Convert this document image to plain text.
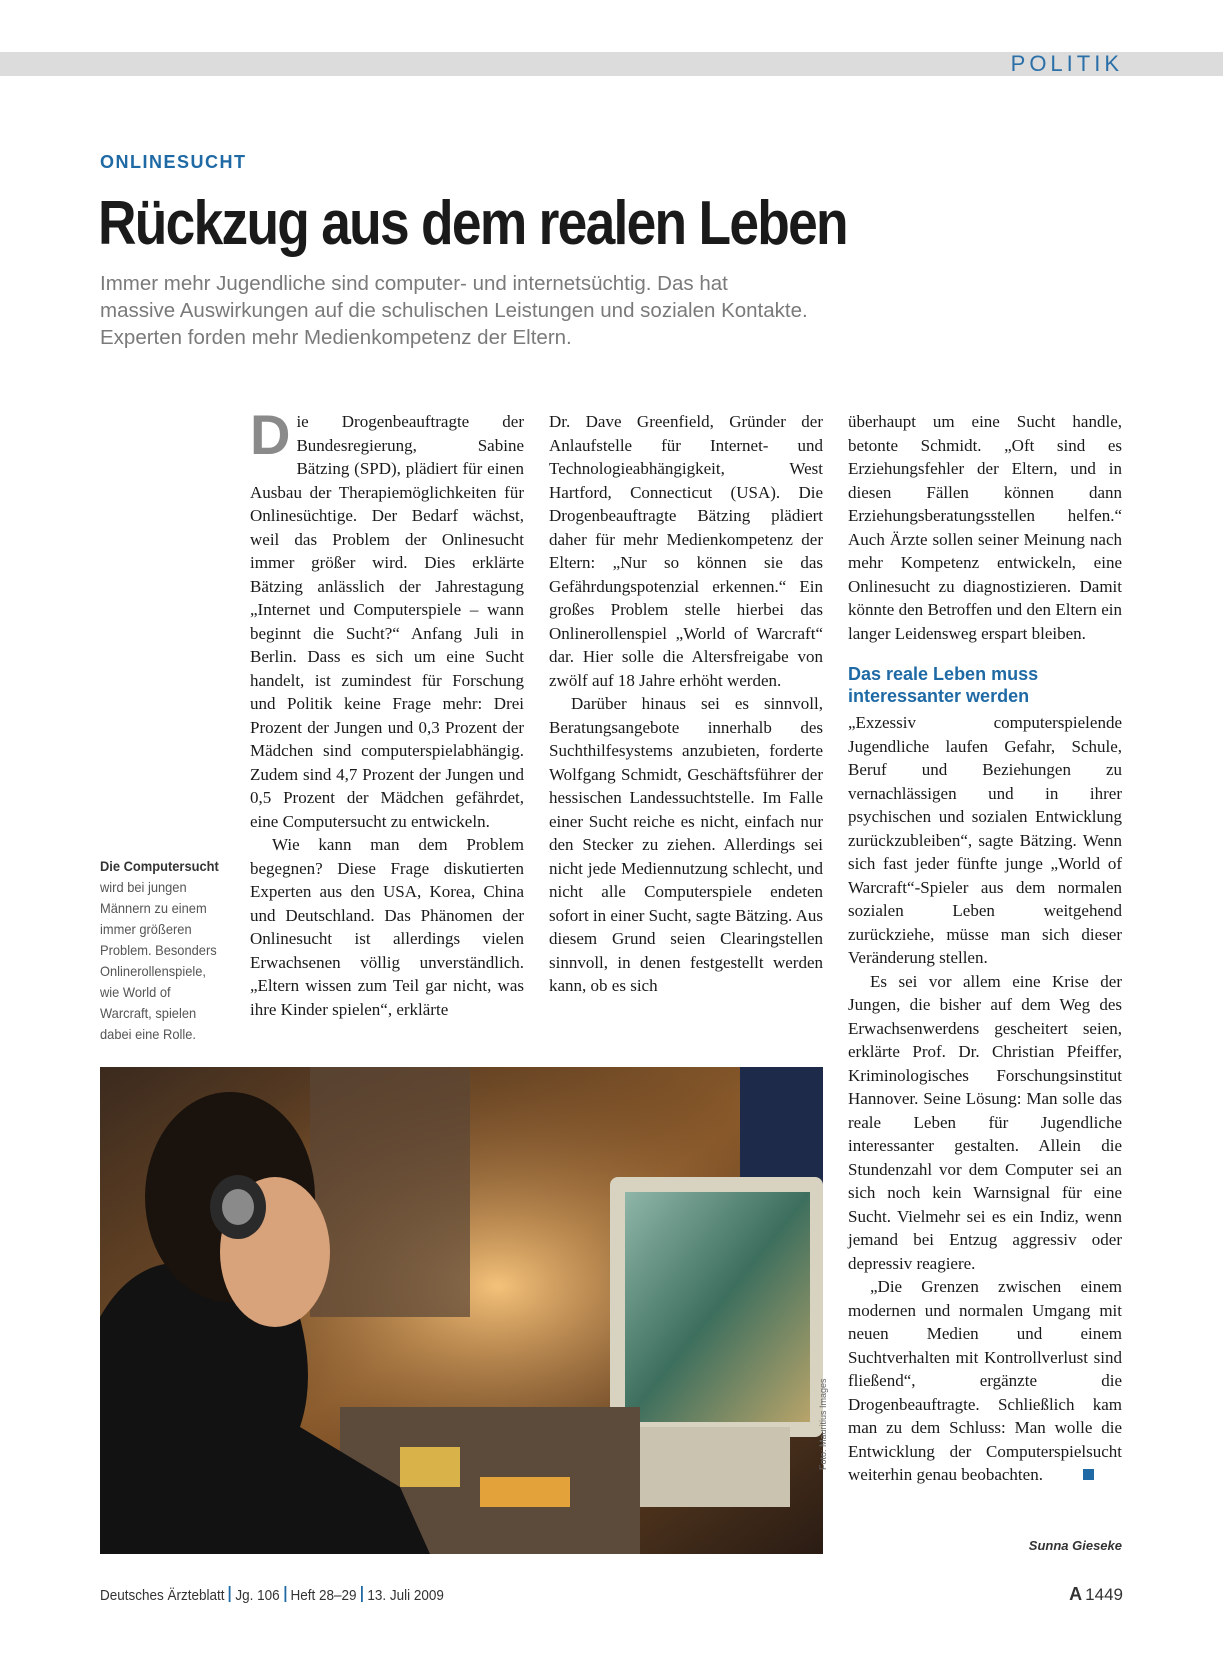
POLITIK
ONLINESUCHT
Rückzug aus dem realen Leben
Immer mehr Jugendliche sind computer- und internetsüchtig. Das hat
massive Auswirkungen auf die schulischen Leistungen und sozialen Kontakte.
Experten forden mehr Medienkompetenz der Eltern.

Die Drogenbeauftragte der Bundesregierung, Sabine Bätzing (SPD), plädiert für einen Ausbau der Therapiemöglichkeiten für Onlinesüchtige. Der Bedarf wächst, weil das Problem der Onlinesucht immer größer wird. Dies erklärte Bätzing anlässlich der Jahrestagung „Internet und Computerspiele – wann beginnt die Sucht?“ Anfang Juli in Berlin. Dass es sich um eine Sucht handelt, ist zumindest für Forschung und Politik keine Frage mehr: Drei Prozent der Jungen und 0,3 Prozent der Mädchen sind computerspielabhängig. Zudem sind 4,7 Prozent der Jungen und 0,5 Prozent der Mädchen gefährdet, eine Computersucht zu entwickeln.

Wie kann man dem Problem begegnen? Diese Frage diskutierten Experten aus den USA, Korea, China und Deutschland. Das Phänomen der Onlinesucht ist allerdings vielen Erwachsenen völlig unverständlich. „Eltern wissen zum Teil gar nicht, was ihre Kinder spielen“, erklärte

Dr. Dave Greenfield, Gründer der Anlaufstelle für Internet- und Technologieabhängigkeit, West Hartford, Connecticut (USA). Die Drogenbeauftragte Bätzing plädiert daher für mehr Medienkompetenz der Eltern: „Nur so können sie das Gefährdungspotenzial erkennen.“ Ein großes Problem stelle hierbei das Onlinerollenspiel „World of Warcraft“ dar. Hier solle die Altersfreigabe von zwölf auf 18 Jahre erhöht werden.

Darüber hinaus sei es sinnvoll, Beratungsangebote innerhalb des Suchthilfesystems anzubieten, forderte Wolfgang Schmidt, Geschäftsführer der hessischen Landessuchtstelle. Im Falle einer Sucht reiche es nicht, einfach nur den Stecker zu ziehen. Allerdings sei nicht jede Mediennutzung schlecht, und nicht alle Computerspiele endeten sofort in einer Sucht, sagte Bätzing. Aus diesem Grund seien Clearingstellen sinnvoll, in denen festgestellt werden kann, ob es sich

überhaupt um eine Sucht handle, betonte Schmidt. „Oft sind es Erziehungsfehler der Eltern, und in diesen Fällen können dann Erziehungsberatungsstellen helfen.“ Auch Ärzte sollen seiner Meinung nach mehr Kompetenz entwickeln, eine Onlinesucht zu diagnostizieren. Damit könnte den Betroffen und den Eltern ein langer Leidensweg erspart bleiben.

Das reale Leben muss interessanter werden

„Exzessiv computerspielende Jugendliche laufen Gefahr, Schule, Beruf und Beziehungen zu vernachlässigen und in ihrer psychischen und sozialen Entwicklung zurückzubleiben“, sagte Bätzing. Wenn sich fast jeder fünfte junge „World of Warcraft“-Spieler aus dem normalen sozialen Leben weitgehend zurückziehe, müsse man sich dieser Veränderung stellen.

Es sei vor allem eine Krise der Jungen, die bisher auf dem Weg des Erwachsenwerdens gescheitert seien, erklärte Prof. Dr. Christian Pfeiffer, Kriminologisches Forschungsinstitut Hannover. Seine Lösung: Man solle das reale Leben für Jugendliche interessanter gestalten. Allein die Stundenzahl vor dem Computer sei an sich noch kein Warnsignal für eine Sucht. Vielmehr sei es ein Indiz, wenn jemand bei Entzug aggressiv oder depressiv reagiere.

„Die Grenzen zwischen einem modernen und normalen Umgang mit neuen Medien und einem Suchtverhalten mit Kontrollverlust sind fließend“, ergänzte die Drogenbeauftragte. Schließlich kam man zu dem Schluss: Man wolle die Entwicklung der Computerspielsucht weiterhin genau beobachten.

Sunna Gieseke
Die Computersucht wird bei jungen Männern zu einem immer größeren Problem. Besonders Onlinerollenspiele, wie World of Warcraft, spielen dabei eine Rolle.
Foto: Mauritius Images
Deutsches Ärzteblatt Jg. 106 Heft 28–29 13. Juli 2009	A 1449
